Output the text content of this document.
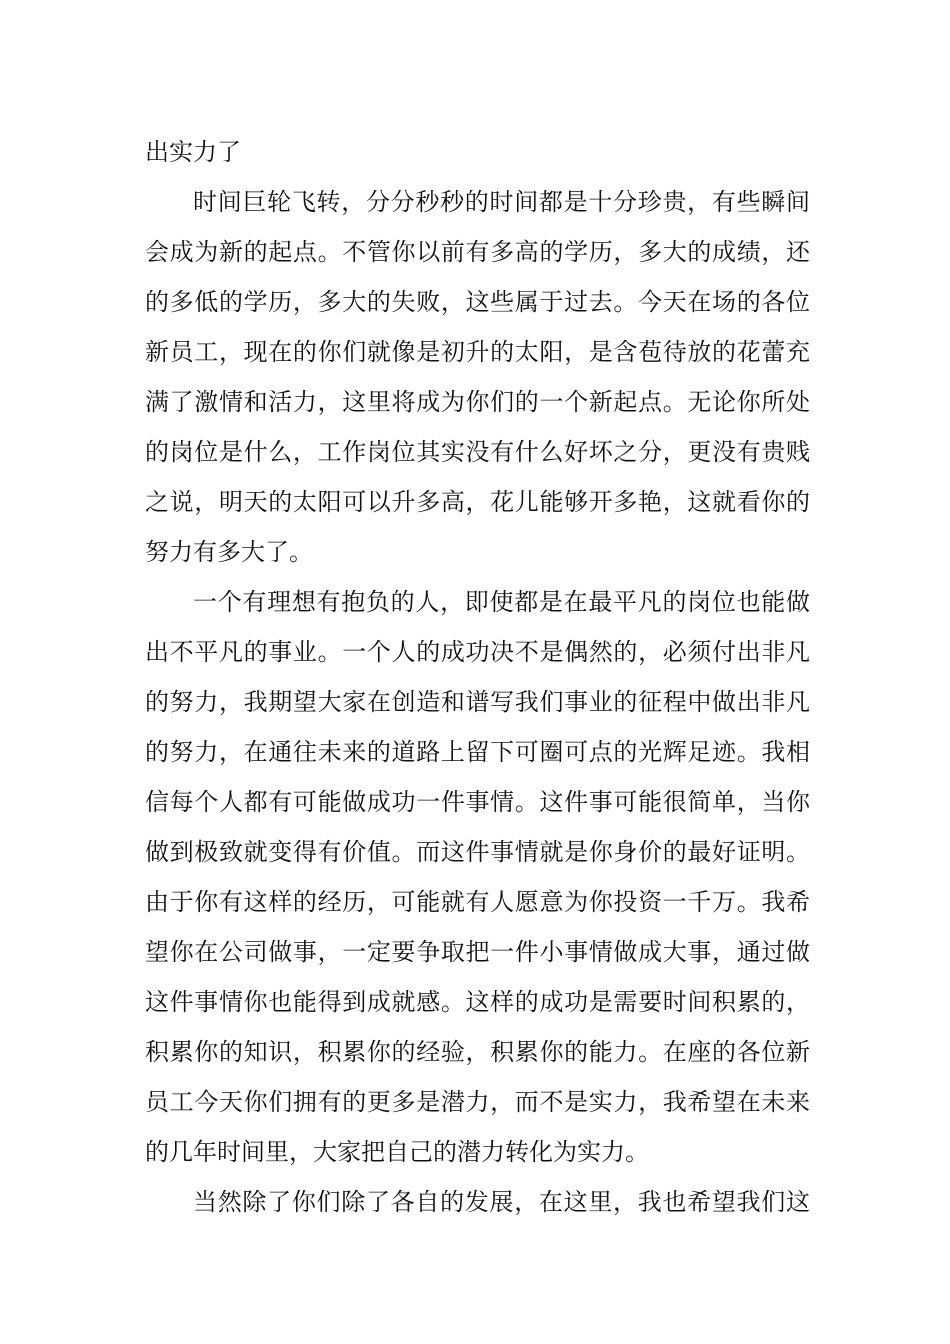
出实力了
时间巨轮飞转，分分秒秒的时间都是十分珍贵，有些瞬间
会成为新的起点。不管你以前有多高的学历，多大的成绩，还
的多低的学历，多大的失败，这些属于过去。今天在场的各位
新员工，现在的你们就像是初升的太阳，是含苞待放的花蕾充
满了激情和活力，这里将成为你们的一个新起点。无论你所处
的岗位是什么，工作岗位其实没有什么好坏之分，更没有贵贱
之说，明天的太阳可以升多高，花儿能够开多艳，这就看你的
努力有多大了。
一个有理想有抱负的人，即使都是在最平凡的岗位也能做
出不平凡的事业。一个人的成功决不是偶然的，必须付出非凡
的努力，我期望大家在创造和谱写我们事业的征程中做出非凡
的努力，在通往未来的道路上留下可圈可点的光辉足迹。我相
信每个人都有可能做成功一件事情。这件事可能很简单，当你
做到极致就变得有价值。而这件事情就是你身价的最好证明。
由于你有这样的经历，可能就有人愿意为你投资一千万。我希
望你在公司做事，一定要争取把一件小事情做成大事，通过做
这件事情你也能得到成就感。这样的成功是需要时间积累的，
积累你的知识，积累你的经验，积累你的能力。在座的各位新
员工今天你们拥有的更多是潜力，而不是实力，我希望在未来
的几年时间里，大家把自己的潜力转化为实力。
当然除了你们除了各自的发展，在这里，我也希望我们这
